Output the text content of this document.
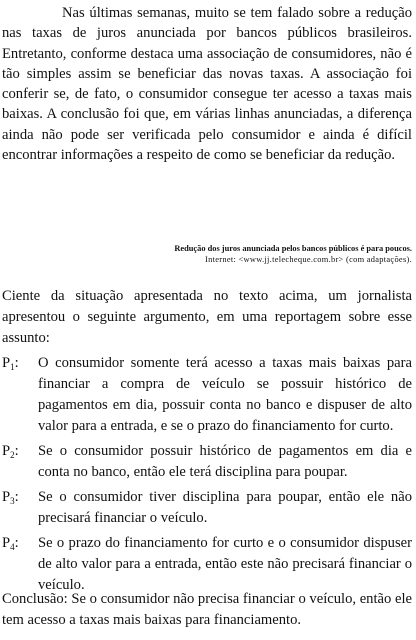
Nas últimas semanas, muito se tem falado sobre a redução nas taxas de juros anunciada por bancos públicos brasileiros. Entretanto, conforme destaca uma associação de consumidores, não é tão simples assim se beneficiar das novas taxas. A associação foi conferir se, de fato, o consumidor consegue ter acesso a taxas mais baixas. A conclusão foi que, em várias linhas anunciadas, a diferença ainda não pode ser verificada pelo consumidor e ainda é difícil encontrar informações a respeito de como se beneficiar da redução.

Redução dos juros anunciada pelos bancos públicos é para poucos.
Internet: <www.jj.telecheque.com.br> (com adaptações).

Ciente da situação apresentada no texto acima, um jornalista apresentou o seguinte argumento, em uma reportagem sobre esse assunto:

$P_1$:	O consumidor somente terá acesso a taxas mais baixas para financiar a compra de veículo se possuir histórico de pagamentos em dia, possuir conta no banco e dispuser de alto valor para a entrada, e se o prazo do financiamento for curto.
$P_2$:	Se o consumidor possuir histórico de pagamentos em dia e conta no banco, então ele terá disciplina para poupar.
$P_3$:	Se o consumidor tiver disciplina para poupar, então ele não precisará financiar o veículo.
$P_4$:	Se o prazo do financiamento for curto e o consumidor dispuser de alto valor para a entrada, então este não precisará financiar o veículo.

Conclusão: Se o consumidor não precisa financiar o veículo, então ele tem acesso a taxas mais baixas para financiamento.
